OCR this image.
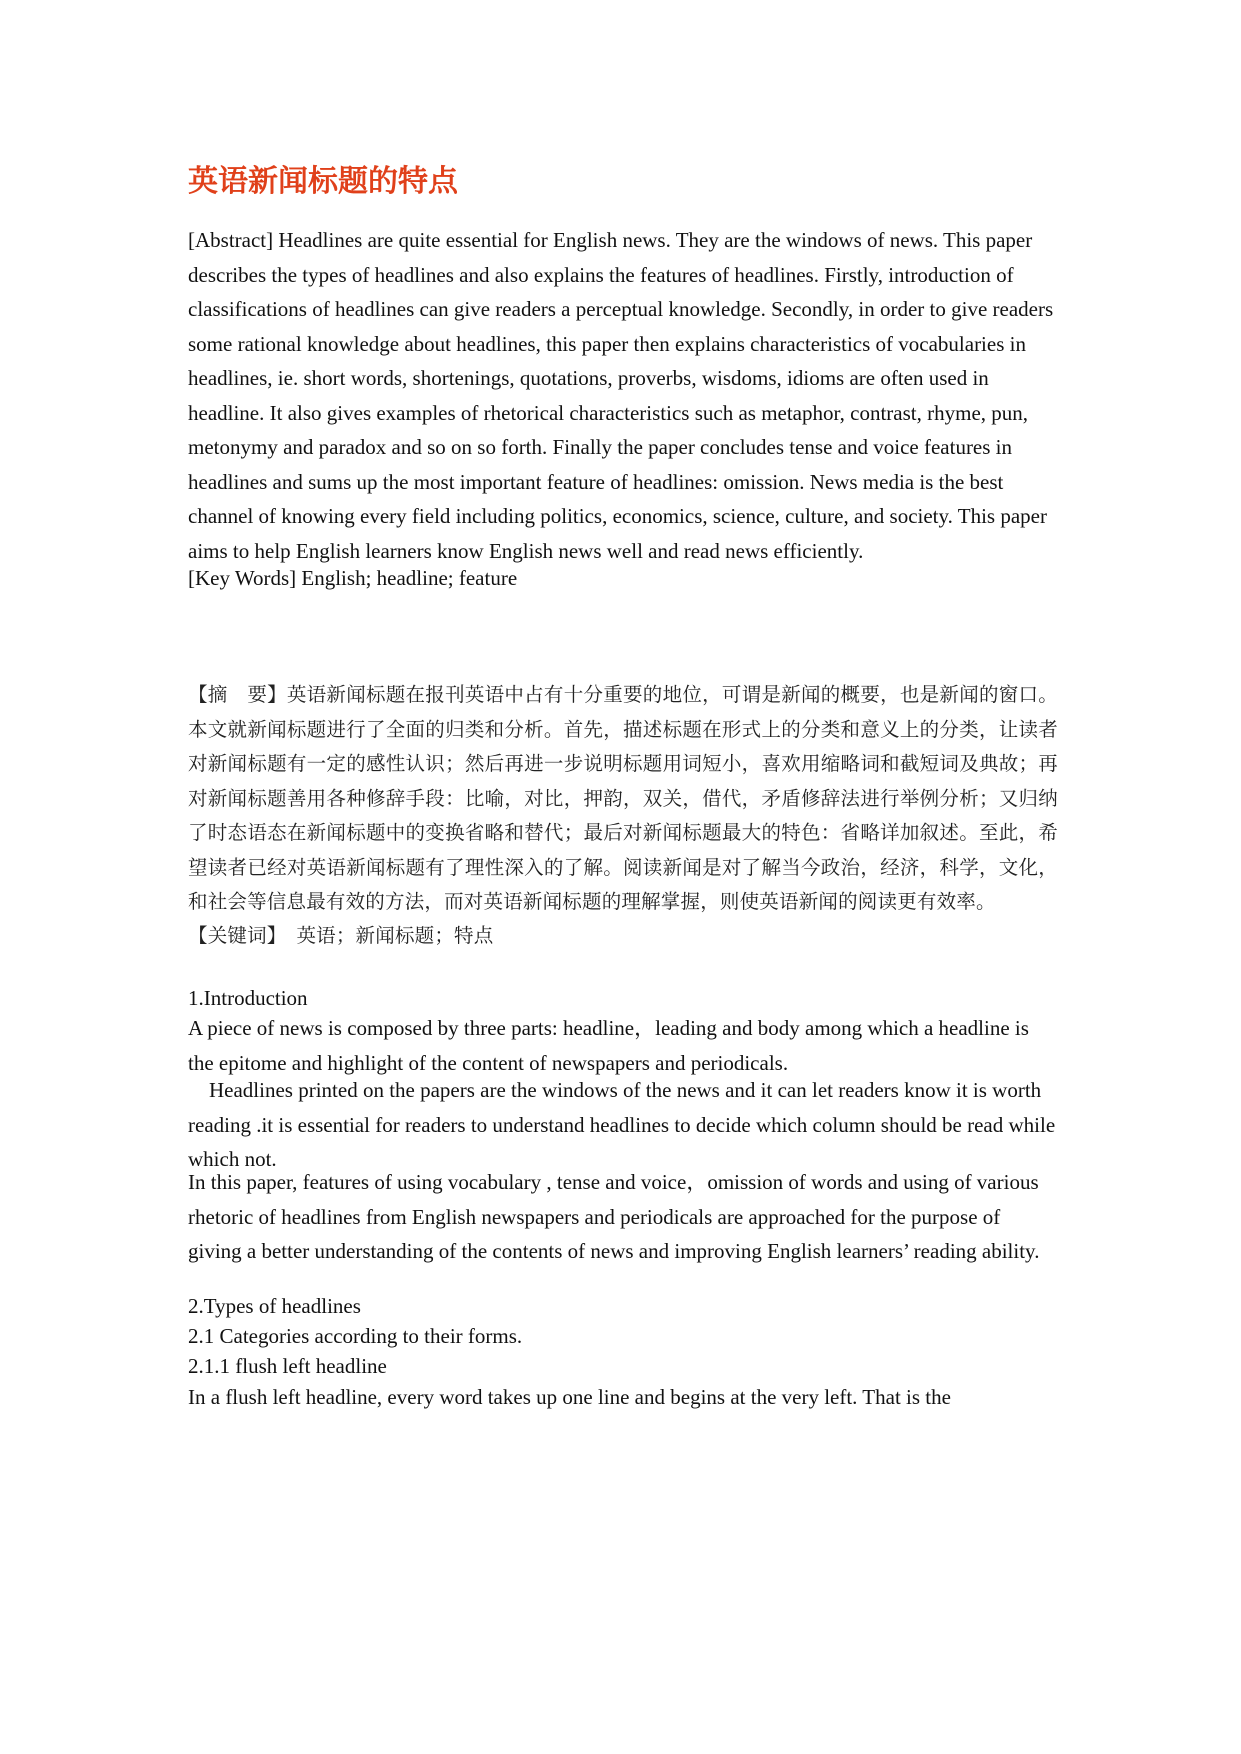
英语新闻标题的特点

[Abstract] Headlines are quite essential for English news. They are the windows of news. This paper describes the types of headlines and also explains the features of headlines. Firstly, introduction of classifications of headlines can give readers a perceptual knowledge. Secondly, in order to give readers some rational knowledge about headlines, this paper then explains characteristics of vocabularies in headlines, ie. short words, shortenings, quotations, proverbs, wisdoms, idioms are often used in headline. It also gives examples of rhetorical characteristics such as metaphor, contrast, rhyme, pun, metonymy and paradox and so on so forth. Finally the paper concludes tense and voice features in headlines and sums up the most important feature of headlines: omission. News media is the best channel of knowing every field including politics, economics, science, culture, and society. This paper aims to help English learners know English news well and read news efficiently.

[Key Words] English; headline; feature

【摘　要】英语新闻标题在报刊英语中占有十分重要的地位，可谓是新闻的概要，也是新闻的窗口。本文就新闻标题进行了全面的归类和分析。首先，描述标题在形式上的分类和意义上的分类，让读者对新闻标题有一定的感性认识；然后再进一步说明标题用词短小，喜欢用缩略词和截短词及典故；再对新闻标题善用各种修辞手段：比喻，对比，押韵，双关，借代，矛盾修辞法进行举例分析；又归纳了时态语态在新闻标题中的变换省略和替代；最后对新闻标题最大的特色：省略详加叙述。至此，希望读者已经对英语新闻标题有了理性深入的了解。阅读新闻是对了解当今政治，经济，科学，文化，和社会等信息最有效的方法，而对英语新闻标题的理解掌握，则使英语新闻的阅读更有效率。

【关键词】　英语；新闻标题；特点

1.Introduction

A piece of news is composed by three parts: headline，leading and body among which a headline is the epitome and highlight of the content of newspapers and periodicals.

Headlines printed on the papers are the windows of the news and it can let readers know it is worth reading .it is essential for readers to understand headlines to decide which column should be read while which not.

In this paper, features of using vocabulary , tense and voice，omission of words and using of various rhetoric of headlines from English newspapers and periodicals are approached for the purpose of giving a better understanding of the contents of news and improving English learners’ reading ability.

2.Types of headlines

2.1 Categories according to their forms.

2.1.1 flush left headline

In a flush left headline, every word takes up one line and begins at the very left. That is the
